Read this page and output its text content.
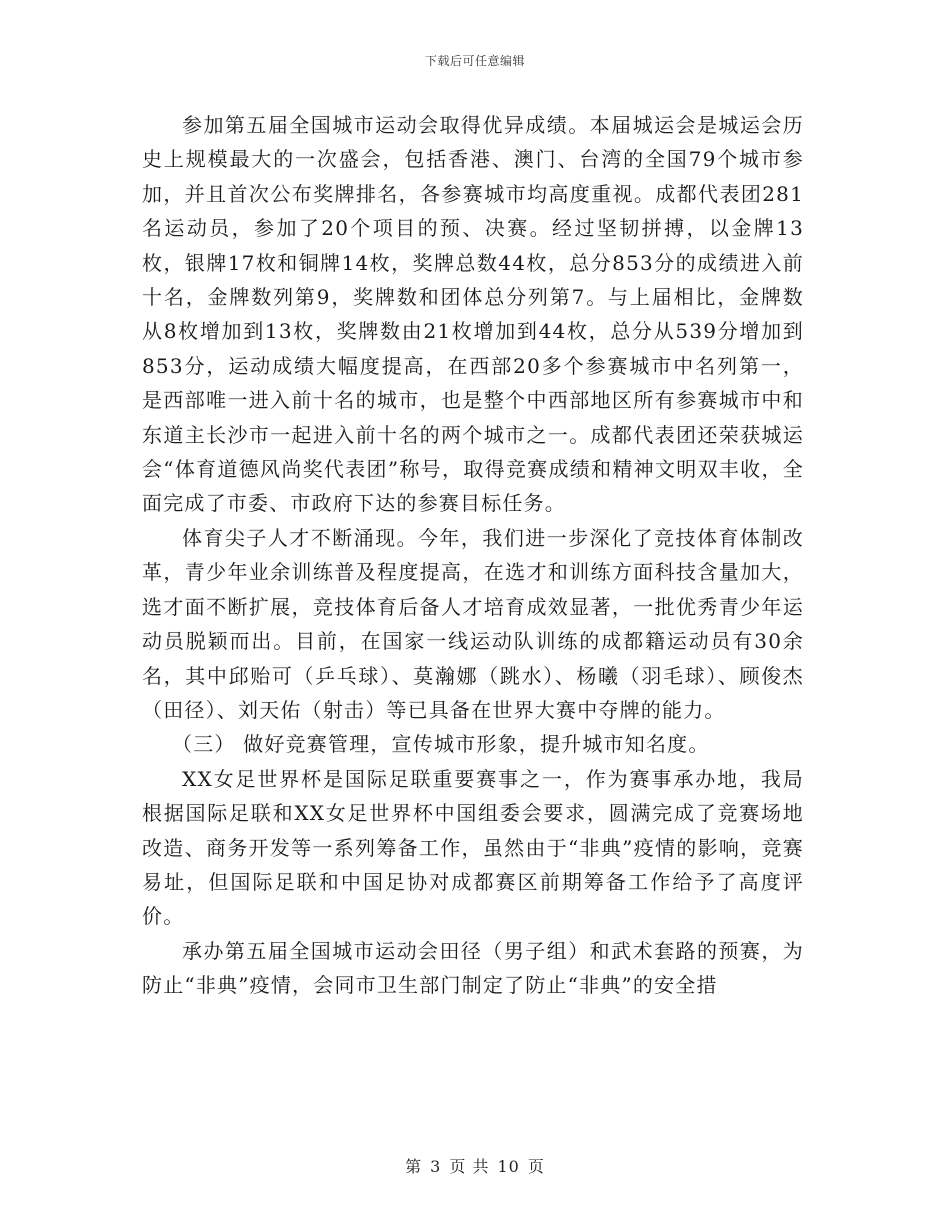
下载后可任意编辑

参加第五届全国城市运动会取得优异成绩。本届城运会是城运会历史上规模最大的一次盛会，包括香港、澳门、台湾的全国79个城市参加，并且首次公布奖牌排名，各参赛城市均高度重视。成都代表团281名运动员，参加了20个项目的预、决赛。经过坚韧拼搏，以金牌13枚，银牌17枚和铜牌14枚，奖牌总数44枚，总分853分的成绩进入前十名，金牌数列第9，奖牌数和团体总分列第7。与上届相比，金牌数从8枚增加到13枚，奖牌数由21枚增加到44枚，总分从539分增加到853分，运动成绩大幅度提高，在西部20多个参赛城市中名列第一，是西部唯一进入前十名的城市，也是整个中西部地区所有参赛城市中和东道主长沙市一起进入前十名的两个城市之一。成都代表团还荣获城运会“体育道德风尚奖代表团”称号，取得竞赛成绩和精神文明双丰收，全面完成了市委、市政府下达的参赛目标任务。

体育尖子人才不断涌现。今年，我们进一步深化了竞技体育体制改革，青少年业余训练普及程度提高，在选才和训练方面科技含量加大，选才面不断扩展，竞技体育后备人才培育成效显著，一批优秀青少年运动员脱颖而出。目前，在国家一线运动队训练的成都籍运动员有30余名，其中邱贻可（乒乓球）、莫瀚娜（跳水）、杨曦（羽毛球）、顾俊杰（田径）、刘天佑（射击）等已具备在世界大赛中夺牌的能力。

（三） 做好竞赛管理，宣传城市形象，提升城市知名度。

XX女足世界杯是国际足联重要赛事之一，作为赛事承办地，我局根据国际足联和XX女足世界杯中国组委会要求，圆满完成了竞赛场地改造、商务开发等一系列筹备工作，虽然由于“非典”疫情的影响，竞赛易址，但国际足联和中国足协对成都赛区前期筹备工作给予了高度评价。

承办第五届全国城市运动会田径（男子组）和武术套路的预赛，为防止“非典”疫情，会同市卫生部门制定了防止“非典”的安全措

第 3 页 共 10 页
